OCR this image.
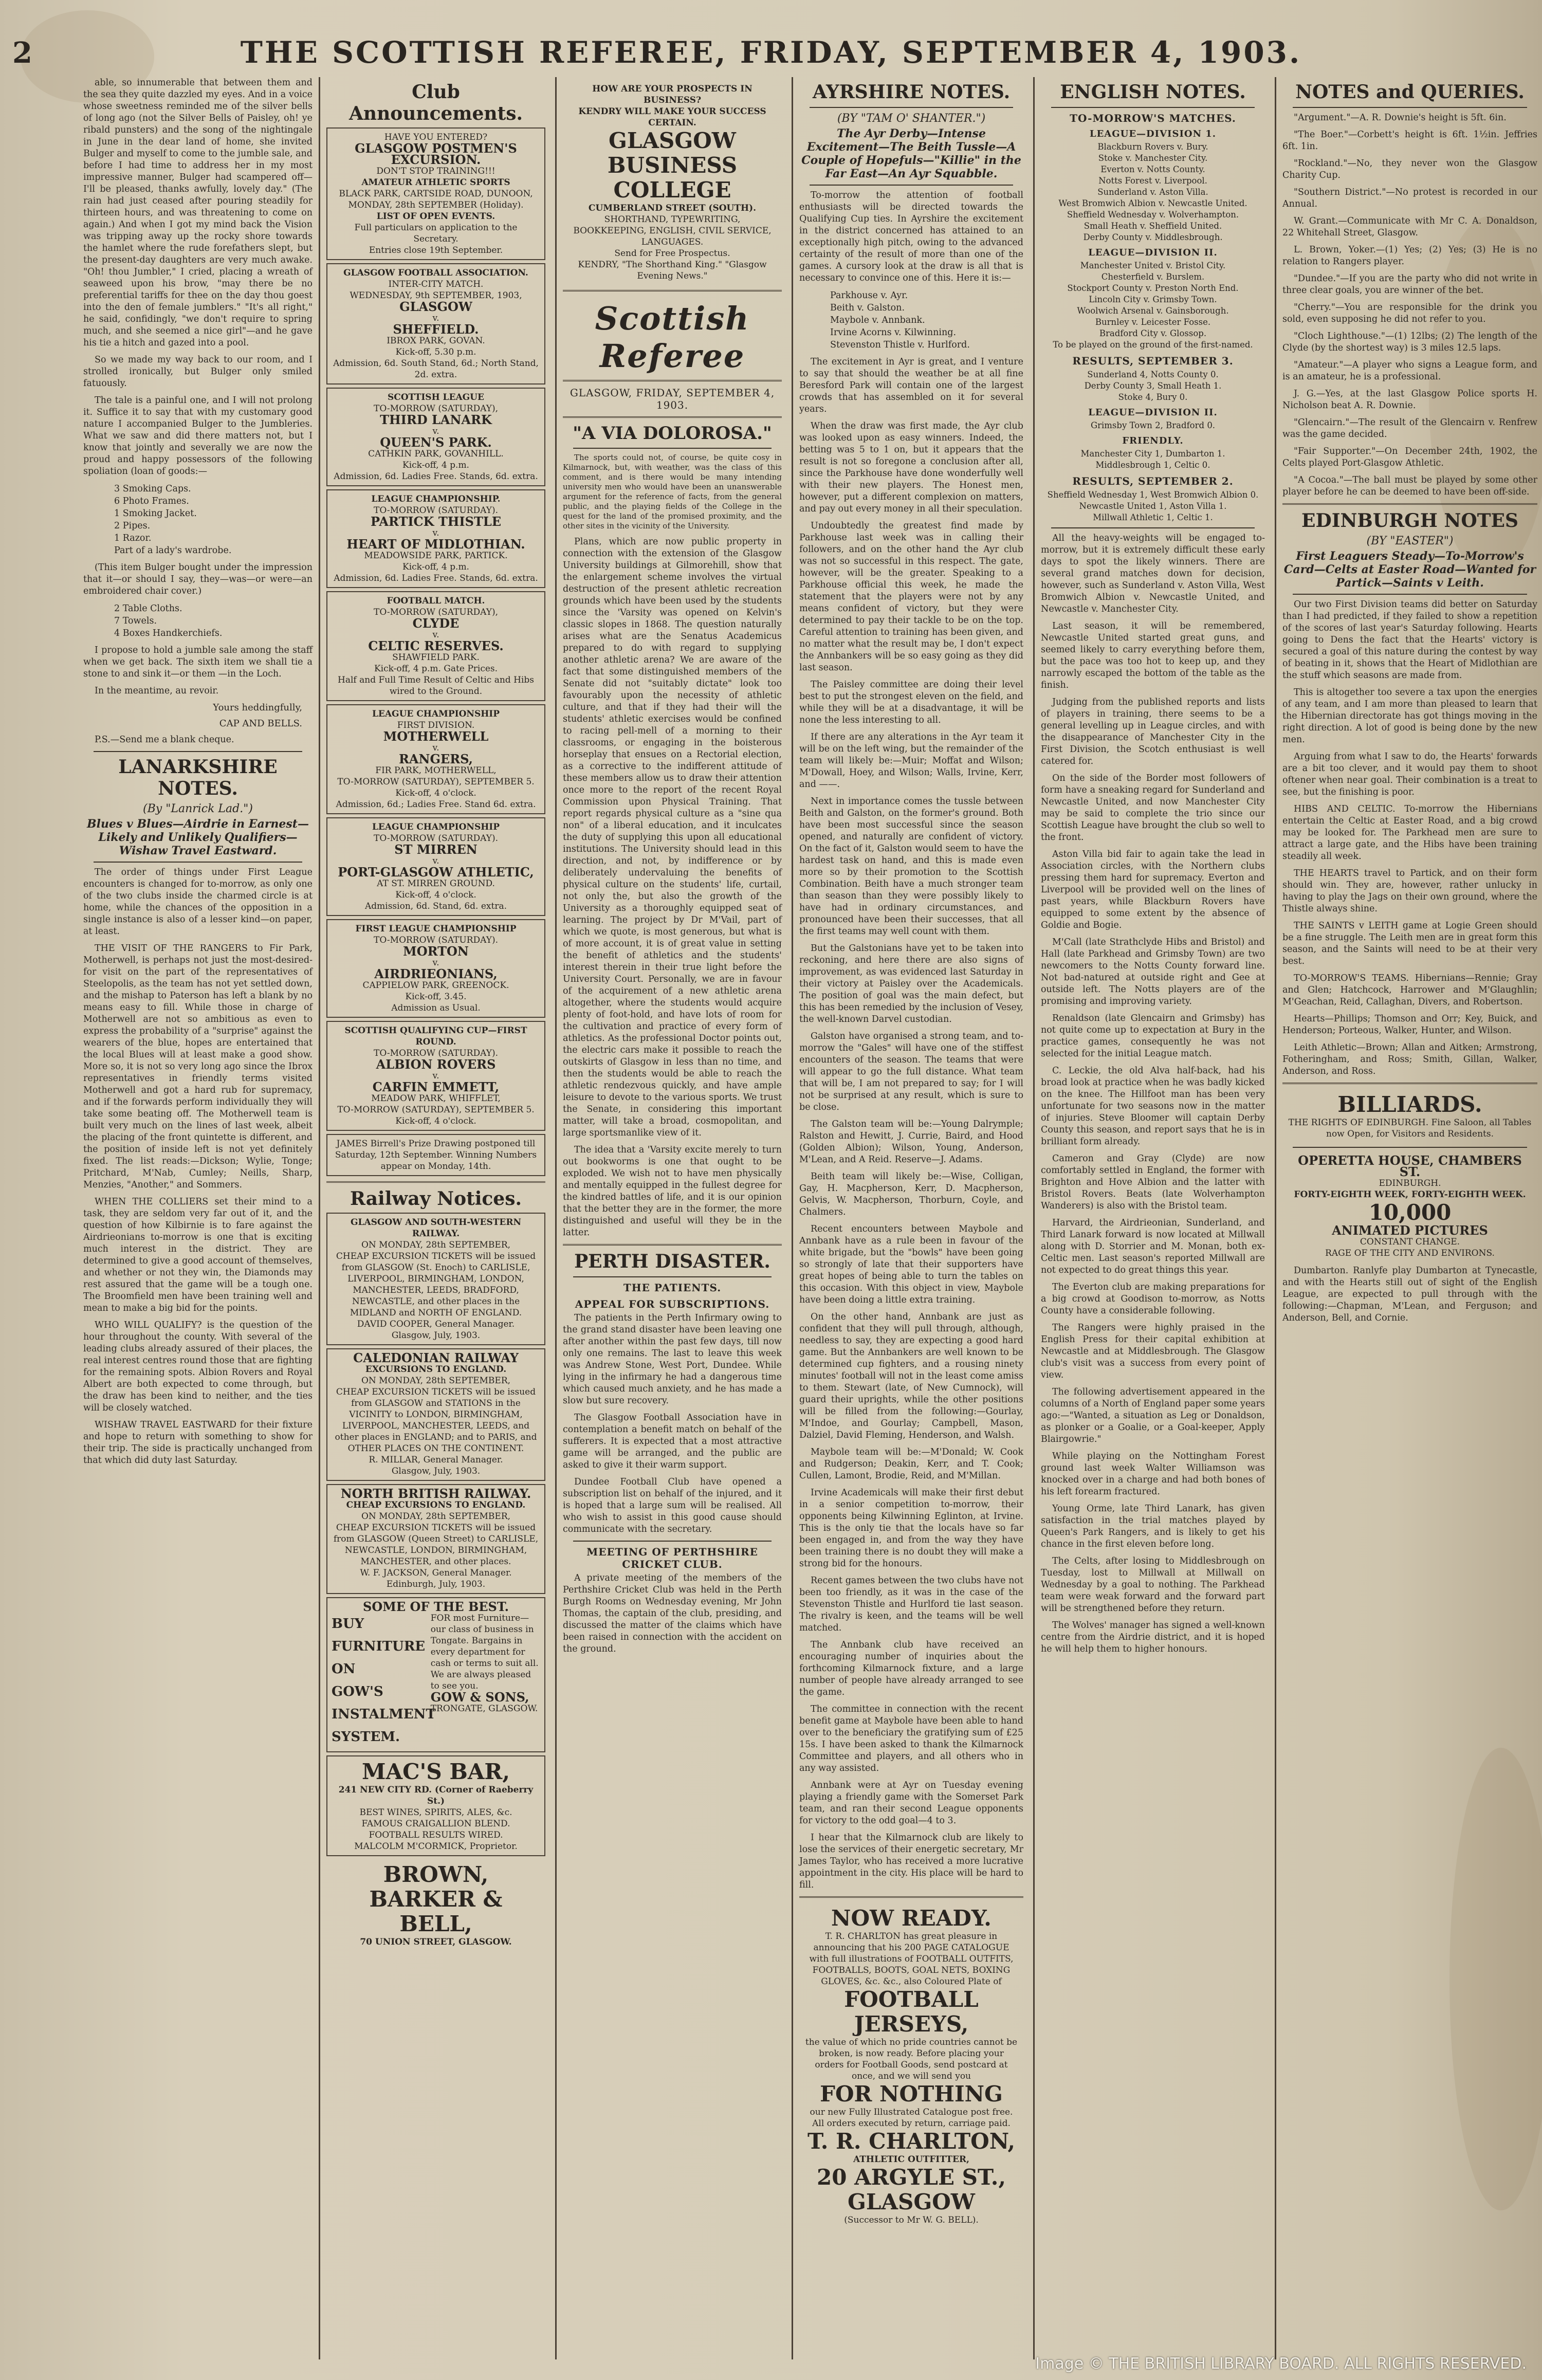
2	THE SCOTTISH REFEREE, FRIDAY, SEPTEMBER 4, 1903.

able, so innumerable that between them and the sea they quite dazzled my eyes. And in a voice whose sweetness reminded me of the silver bells of long ago (not the Silver Bells of Paisley, oh! ye ribald punsters) and the song of the nightingale in June in the dear land of home, she invited Bulger and myself to come to the jumble sale, and before I had time to address her in my most impressive manner, Bulger had scampered off—I'll be pleased, thanks awfully, lovely day." (The rain had just ceased after pouring steadily for thirteen hours, and was threatening to come on again.) And when I got my mind back the Vision was tripping away up the rocky shore towards the hamlet where the rude forefathers slept, but the present-day daughters are very much awake. "Oh! thou Jumbler," I cried, placing a wreath of seaweed upon his brow, "may there be no preferential tariffs for thee on the day thou goest into the den of female jumblers." "It's all right," he said, confidingly, "we don't require to spring much, and she seemed a nice girl"—and he gave his tie a hitch and gazed into a pool.

So we made my way back to our room, and I strolled ironically, but Bulger only smiled fatuously.

The tale is a painful one, and I will not prolong it. Suffice it to say that with my customary good nature I accompanied Bulger to the Jumbleries. What we saw and did there matters not, but I know that jointly and severally we are now the proud and happy possessors of the following spoliation (loan of goods:—

3 Smoking Caps.
6 Photo Frames.
1 Smoking Jacket.
2 Pipes.
1 Razor.
Part of a lady's wardrobe.

(This item Bulger bought under the impression that it—or should I say, they—was—or were—an embroidered chair cover.)

2 Table Cloths.
7 Towels.
4 Boxes Handkerchiefs.

I propose to hold a jumble sale among the staff when we get back. The sixth item we shall tie a stone to and sink it—or them —in the Loch.

In the meantime, au revoir.

Yours heddingfully,
CAP AND BELLS.

P.S.—Send me a blank cheque.

LANARKSHIRE NOTES.
(By "Lanrick Lad.")
Blues v Blues—Airdrie in Earnest—Likely and Unlikely Qualifiers—Wishaw Travel Eastward.

The order of things under First League encounters is changed for to-morrow, as only one of the two clubs inside the charmed circle is at home, while the chances of the opposition in a single instance is also of a lesser kind—on paper, at least.

THE VISIT OF THE RANGERS to Fir Park, Motherwell, is perhaps not just the most-desired-for visit on the part of the representatives of Steelopolis, as the team has not yet settled down, and the mishap to Paterson has left a blank by no means easy to fill. While those in charge of Motherwell are not so ambitious as even to express the probability of a "surprise" against the wearers of the blue, hopes are entertained that the local Blues will at least make a good show. More so, it is not so very long ago since the Ibrox representatives in friendly terms visited Motherwell and got a hard rub for supremacy, and if the forwards perform individually they will take some beating off. The Motherwell team is built very much on the lines of last week, albeit the placing of the front quintette is different, and the position of inside left is not yet definitely fixed. The list reads:—Dickson; Wylie, Tonge; Pritchard, M'Nab, Cumley; Neills, Sharp, Menzies, "Another," and Sommers.

WHEN THE COLLIERS set their mind to a task, they are seldom very far out of it, and the question of how Kilbirnie is to fare against the Airdrieonians to-morrow is one that is exciting much interest in the district. They are determined to give a good account of themselves, and whether or not they win, the Diamonds may rest assured that the game will be a tough one. The Broomfield men have been training well and mean to make a big bid for the points.

WHO WILL QUALIFY? is the question of the hour throughout the county. With several of the leading clubs already assured of their places, the real interest centres round those that are fighting for the remaining spots. Albion Rovers and Royal Albert are both expected to come through, but the draw has been kind to neither, and the ties will be closely watched.

WISHAW TRAVEL EASTWARD for their fixture and hope to return with something to show for their trip. The side is practically unchanged from that which did duty last Saturday.

Club Announcements.
HAVE YOU ENTERED?
GLASGOW POSTMEN'S EXCURSION.
DON'T STOP TRAINING!!!
AMATEUR ATHLETIC SPORTS
BLACK PARK, CARTSIDE ROAD, DUNOON,
MONDAY, 28th SEPTEMBER (Holiday).
LIST OF OPEN EVENTS.
Full particulars on application to the Secretary.
Entries close 19th September.
GLASGOW FOOTBALL ASSOCIATION.
INTER-CITY MATCH.
WEDNESDAY, 9th SEPTEMBER, 1903,
GLASGOW
v.
SHEFFIELD.
IBROX PARK, GOVAN.
Kick-off, 5.30 p.m.
Admission, 6d. South Stand, 6d.; North Stand, 2d. extra.
SCOTTISH LEAGUE
TO-MORROW (SATURDAY),
THIRD LANARK
v.
QUEEN'S PARK.
CATHKIN PARK, GOVANHILL.
Kick-off, 4 p.m.
Admission, 6d. Ladies Free. Stands, 6d. extra.
LEAGUE CHAMPIONSHIP.
TO-MORROW (SATURDAY).
PARTICK THISTLE
v.
HEART OF MIDLOTHIAN.
MEADOWSIDE PARK, PARTICK.
Kick-off, 4 p.m.
Admission, 6d. Ladies Free. Stands, 6d. extra.
FOOTBALL MATCH.
TO-MORROW (SATURDAY),
CLYDE
v.
CELTIC RESERVES.
SHAWFIELD PARK.
Kick-off, 4 p.m. Gate Prices.
Half and Full Time Result of Celtic and Hibs wired to the Ground.
LEAGUE CHAMPIONSHIP
FIRST DIVISION.
MOTHERWELL
v.
RANGERS,
FIR PARK, MOTHERWELL,
TO-MORROW (SATURDAY), SEPTEMBER 5.
Kick-off, 4 o'clock.
Admission, 6d.; Ladies Free. Stand 6d. extra.
LEAGUE CHAMPIONSHIP
TO-MORROW (SATURDAY).
ST MIRREN
v.
PORT-GLASGOW ATHLETIC,
AT ST. MIRREN GROUND.
Kick-off, 4 o'clock.
Admission, 6d. Stand, 6d. extra.
FIRST LEAGUE CHAMPIONSHIP
TO-MORROW (SATURDAY).
MORTON
v.
AIRDRIEONIANS,
CAPPIELOW PARK, GREENOCK.
Kick-off, 3.45.
Admission as Usual.
SCOTTISH QUALIFYING CUP—FIRST ROUND.
TO-MORROW (SATURDAY).
ALBION ROVERS
v.
CARFIN EMMETT,
MEADOW PARK, WHIFFLET,
TO-MORROW (SATURDAY), SEPTEMBER 5.
Kick-off, 4 o'clock.
JAMES Birrell's Prize Drawing postponed till Saturday, 12th September. Winning Numbers appear on Monday, 14th.
Railway Notices.
GLASGOW AND SOUTH-WESTERN RAILWAY.
ON MONDAY, 28th SEPTEMBER,
CHEAP EXCURSION TICKETS will be issued from GLASGOW (St. Enoch) to CARLISLE, LIVERPOOL, BIRMINGHAM, LONDON, MANCHESTER, LEEDS, BRADFORD, NEWCASTLE, and other places in the MIDLAND and NORTH OF ENGLAND.
DAVID COOPER, General Manager.
Glasgow, July, 1903.
CALEDONIAN RAILWAY
EXCURSIONS TO ENGLAND.
ON MONDAY, 28th SEPTEMBER,
CHEAP EXCURSION TICKETS will be issued from GLASGOW and STATIONS in the VICINITY to LONDON, BIRMINGHAM, LIVERPOOL, MANCHESTER, LEEDS, and other places in ENGLAND; and to PARIS, and OTHER PLACES ON THE CONTINENT.
R. MILLAR, General Manager.
Glasgow, July, 1903.
NORTH BRITISH RAILWAY.
CHEAP EXCURSIONS TO ENGLAND.
ON MONDAY, 28th SEPTEMBER,
CHEAP EXCURSION TICKETS will be issued from GLASGOW (Queen Street) to CARLISLE, NEWCASTLE, LONDON, BIRMINGHAM, MANCHESTER, and other places.
W. F. JACKSON, General Manager.
Edinburgh, July, 1903.
SOME OF THE BEST.
BUY
FURNITURE
ON
GOW'S
INSTALMENT
SYSTEM.
FOR most Furniture—our class of business in Tongate. Bargains in every department for cash or terms to suit all. We are always pleased to see you.
GOW & SONS,
TRONGATE, GLASGOW.
MAC'S BAR,
241 NEW CITY RD. (Corner of Raeberry St.)
BEST WINES, SPIRITS, ALES, &c.
FAMOUS CRAIGALLION BLEND.
FOOTBALL RESULTS WIRED.
MALCOLM M'CORMICK, Proprietor.
BROWN,
BARKER & BELL,
70 UNION STREET, GLASGOW.
HOW ARE YOUR PROSPECTS IN BUSINESS?
KENDRY WILL MAKE YOUR SUCCESS CERTAIN.
GLASGOW
BUSINESS COLLEGE
CUMBERLAND STREET (SOUTH).
SHORTHAND, TYPEWRITING, BOOKKEEPING, ENGLISH, CIVIL SERVICE, LANGUAGES.
Send for Free Prospectus.
KENDRY, "The Shorthand King." "Glasgow Evening News."
Scottish Referee
GLASGOW, FRIDAY, SEPTEMBER 4, 1903.
"A VIA DOLOROSA."

The sports could not, of course, be quite cosy in Kilmarnock, but, with weather, was the class of this comment, and is there would be many intending university men who would have been an unanswerable argument for the reference of facts, from the general public, and the playing fields of the College in the quest for the land of the promised proximity, and the other sites in the vicinity of the University.

Plans, which are now public property in connection with the extension of the Glasgow University buildings at Gilmorehill, show that the enlargement scheme involves the virtual destruction of the present athletic recreation grounds which have been used by the students since the 'Varsity was opened on Kelvin's classic slopes in 1868. The question naturally arises what are the Senatus Academicus prepared to do with regard to supplying another athletic arena? We are aware of the fact that some distinguished members of the Senate did not "suitably dictate" look too favourably upon the necessity of athletic culture, and that if they had their will the students' athletic exercises would be confined to racing pell-mell of a morning to their classrooms, or engaging in the boisterous horseplay that ensues on a Rectorial election, as a corrective to the indifferent attitude of these members allow us to draw their attention once more to the report of the recent Royal Commission upon Physical Training. That report regards physical culture as a "sine qua non" of a liberal education, and it inculcates the duty of supplying this upon all educational institutions. The University should lead in this direction, and not, by indifference or by deliberately undervaluing the benefits of physical culture on the students' life, curtail, not only the, but also the growth of the University as a thoroughly equipped seat of learning. The project by Dr M'Vail, part of which we quote, is most generous, but what is of more account, it is of great value in setting the benefit of athletics and the students' interest therein in their true light before the University Court. Personally, we are in favour of the acquirement of a new athletic arena altogether, where the students would acquire plenty of foot-hold, and have lots of room for the cultivation and practice of every form of athletics. As the professional Doctor points out, the electric cars make it possible to reach the outskirts of Glasgow in less than no time, and then the students would be able to reach the athletic rendezvous quickly, and have ample leisure to devote to the various sports. We trust the Senate, in considering this important matter, will take a broad, cosmopolitan, and large sportsmanlike view of it.

The idea that a 'Varsity excite merely to turn out bookworms is one that ought to be exploded. We wish not to have men physically and mentally equipped in the fullest degree for the kindred battles of life, and it is our opinion that the better they are in the former, the more distinguished and useful will they be in the latter.

PERTH DISASTER.
THE PATIENTS.
APPEAL FOR SUBSCRIPTIONS.

The patients in the Perth Infirmary owing to the grand stand disaster have been leaving one after another within the past few days, till now only one remains. The last to leave this week was Andrew Stone, West Port, Dundee. While lying in the infirmary he had a dangerous time which caused much anxiety, and he has made a slow but sure recovery.

The Glasgow Football Association have in contemplation a benefit match on behalf of the sufferers. It is expected that a most attractive game will be arranged, and the public are asked to give it their warm support.

Dundee Football Club have opened a subscription list on behalf of the injured, and it is hoped that a large sum will be realised. All who wish to assist in this good cause should communicate with the secretary.

MEETING OF PERTHSHIRE CRICKET CLUB.

A private meeting of the members of the Perthshire Cricket Club was held in the Perth Burgh Rooms on Wednesday evening, Mr John Thomas, the captain of the club, presiding, and discussed the matter of the claims which have been raised in connection with the accident on the ground.

AYRSHIRE NOTES.
(BY "TAM O' SHANTER.")
The Ayr Derby—Intense Excitement—The Beith Tussle—A Couple of Hopefuls—"Killie" in the Far East—An Ayr Squabble.

To-morrow the attention of football enthusiasts will be directed towards the Qualifying Cup ties. In Ayrshire the excitement in the district concerned has attained to an exceptionally high pitch, owing to the advanced certainty of the result of more than one of the games. A cursory look at the draw is all that is necessary to convince one of this. Here it is:—

Parkhouse v. Ayr.
Beith v. Galston.
Maybole v. Annbank.
Irvine Acorns v. Kilwinning.
Stevenston Thistle v. Hurlford.

The excitement in Ayr is great, and I venture to say that should the weather be at all fine Beresford Park will contain one of the largest crowds that has assembled on it for several years.

When the draw was first made, the Ayr club was looked upon as easy winners. Indeed, the betting was 5 to 1 on, but it appears that the result is not so foregone a conclusion after all, since the Parkhouse have done wonderfully well with their new players. The Honest men, however, put a different complexion on matters, and pay out every money in all their speculation.

Undoubtedly the greatest find made by Parkhouse last week was in calling their followers, and on the other hand the Ayr club was not so successful in this respect. The gate, however, will be the greater. Speaking to a Parkhouse official this week, he made the statement that the players were not by any means confident of victory, but they were determined to pay their tackle to be on the top. Careful attention to training has been given, and no matter what the result may be, I don't expect the Annbankers will be so easy going as they did last season.

The Paisley committee are doing their level best to put the strongest eleven on the field, and while they will be at a disadvantage, it will be none the less interesting to all.

If there are any alterations in the Ayr team it will be on the left wing, but the remainder of the team will likely be:—Muir; Moffat and Wilson; M'Dowall, Hoey, and Wilson; Walls, Irvine, Kerr, and ——.

Next in importance comes the tussle between Beith and Galston, on the former's ground. Both have been most successful since the season opened, and naturally are confident of victory. On the fact of it, Galston would seem to have the hardest task on hand, and this is made even more so by their promotion to the Scottish Combination. Beith have a much stronger team than season than they were possibly likely to have had in ordinary circumstances, and pronounced have been their successes, that all the first teams may well count with them.

But the Galstonians have yet to be taken into reckoning, and here there are also signs of improvement, as was evidenced last Saturday in their victory at Paisley over the Academicals. The position of goal was the main defect, but this has been remedied by the inclusion of Vesey, the well-known Darvel custodian.

Galston have organised a strong team, and to-morrow the "Gales" will have one of the stiffest encounters of the season. The teams that were will appear to go the full distance. What team that will be, I am not prepared to say; for I will not be surprised at any result, which is sure to be close.

The Galston team will be:—Young Dalrymple; Ralston and Hewitt, J. Currie, Baird, and Hood (Golden Albion); Wilson, Young, Anderson, M'Lean, and A Reid. Reserve—J. Adams.

Beith team will likely be:—Wise, Colligan, Gay, H. Macpherson, Kerr, D. Macpherson, Gelvis, W. Macpherson, Thorburn, Coyle, and Chalmers.

Recent encounters between Maybole and Annbank have as a rule been in favour of the white brigade, but the "bowls" have been going so strongly of late that their supporters have great hopes of being able to turn the tables on this occasion. With this object in view, Maybole have been doing a little extra training.

On the other hand, Annbank are just as confident that they will pull through, although, needless to say, they are expecting a good hard game. But the Annbankers are well known to be determined cup fighters, and a rousing ninety minutes' football will not in the least come amiss to them. Stewart (late, of New Cumnock), will guard their uprights, while the other positions will be filled from the following:—Gourlay, M'Indoe, and Gourlay; Campbell, Mason, Dalziel, David Fleming, Henderson, and Walsh.

Maybole team will be:—M'Donald; W. Cook and Rudgerson; Deakin, Kerr, and T. Cook; Cullen, Lamont, Brodie, Reid, and M'Millan.

Irvine Academicals will make their first debut in a senior competition to-morrow, their opponents being Kilwinning Eglinton, at Irvine. This is the only tie that the locals have so far been engaged in, and from the way they have been training there is no doubt they will make a strong bid for the honours.

Recent games between the two clubs have not been too friendly, as it was in the case of the Stevenston Thistle and Hurlford tie last season. The rivalry is keen, and the teams will be well matched.

The Annbank club have received an encouraging number of inquiries about the forthcoming Kilmarnock fixture, and a large number of people have already arranged to see the game.

The committee in connection with the recent benefit game at Maybole have been able to hand over to the beneficiary the gratifying sum of £25 15s. I have been asked to thank the Kilmarnock Committee and players, and all others who in any way assisted.

Annbank were at Ayr on Tuesday evening playing a friendly game with the Somerset Park team, and ran their second League opponents for victory to the odd goal—4 to 3.

I hear that the Kilmarnock club are likely to lose the services of their energetic secretary, Mr James Taylor, who has received a more lucrative appointment in the city. His place will be hard to fill.

NOW READY.
T. R. CHARLTON has great pleasure in announcing that his 200 PAGE CATALOGUE with full illustrations of FOOTBALL OUTFITS, FOOTBALLS, BOOTS, GOAL NETS, BOXING GLOVES, &c. &c., also Coloured Plate of
FOOTBALL JERSEYS,
the value of which no pride countries cannot be broken, is now ready. Before placing your orders for Football Goods, send postcard at once, and we will send you
FOR NOTHING
our new Fully Illustrated Catalogue post free. All orders executed by return, carriage paid.
T. R. CHARLTON,
ATHLETIC OUTFITTER,
20 ARGYLE ST., GLASGOW
(Successor to Mr W. G. BELL).
ENGLISH NOTES.
TO-MORROW'S MATCHES.
LEAGUE—DIVISION 1.

Blackburn Rovers v. Bury.

Stoke v. Manchester City.

Everton v. Notts County.

Notts Forest v. Liverpool.

Sunderland v. Aston Villa.

West Bromwich Albion v. Newcastle United.

Sheffield Wednesday v. Wolverhampton.

Small Heath v. Sheffield United.

Derby County v. Middlesbrough.

LEAGUE—DIVISION II.

Manchester United v. Bristol City.

Chesterfield v. Burslem.

Stockport County v. Preston North End.

Lincoln City v. Grimsby Town.

Woolwich Arsenal v. Gainsborough.

Burnley v. Leicester Fosse.

Bradford City v. Glossop.

To be played on the ground of the first-named.

RESULTS, SEPTEMBER 3.

Sunderland 4, Notts County 0.

Derby County 3, Small Heath 1.

Stoke 4, Bury 0.

LEAGUE—DIVISION II.

Grimsby Town 2, Bradford 0.

FRIENDLY.

Manchester City 1, Dumbarton 1.

Middlesbrough 1, Celtic 0.

RESULTS, SEPTEMBER 2.

Sheffield Wednesday 1, West Bromwich Albion 0.

Newcastle United 1, Aston Villa 1.

Millwall Athletic 1, Celtic 1.

All the heavy-weights will be engaged to-morrow, but it is extremely difficult these early days to spot the likely winners. There are several grand matches down for decision, however, such as Sunderland v. Aston Villa, West Bromwich Albion v. Newcastle United, and Newcastle v. Manchester City.

Last season, it will be remembered, Newcastle United started great guns, and seemed likely to carry everything before them, but the pace was too hot to keep up, and they narrowly escaped the bottom of the table as the finish.

Judging from the published reports and lists of players in training, there seems to be a general levelling up in League circles, and with the disappearance of Manchester City in the First Division, the Scotch enthusiast is well catered for.

On the side of the Border most followers of form have a sneaking regard for Sunderland and Newcastle United, and now Manchester City may be said to complete the trio since our Scottish League have brought the club so well to the front.

Aston Villa bid fair to again take the lead in Association circles, with the Northern clubs pressing them hard for supremacy. Everton and Liverpool will be provided well on the lines of past years, while Blackburn Rovers have equipped to some extent by the absence of Goldie and Bogie.

M'Call (late Strathclyde Hibs and Bristol) and Hall (late Parkhead and Grimsby Town) are two newcomers to the Notts County forward line. Not bad-natured at outside right and Gee at outside left. The Notts players are of the promising and improving variety.

Renaldson (late Glencairn and Grimsby) has not quite come up to expectation at Bury in the practice games, consequently he was not selected for the initial League match.

C. Leckie, the old Alva half-back, had his broad look at practice when he was badly kicked on the knee. The Hillfoot man has been very unfortunate for two seasons now in the matter of injuries. Steve Bloomer will captain Derby County this season, and report says that he is in brilliant form already.

Cameron and Gray (Clyde) are now comfortably settled in England, the former with Brighton and Hove Albion and the latter with Bristol Rovers. Beats (late Wolverhampton Wanderers) is also with the Bristol team.

Harvard, the Airdrieonian, Sunderland, and Third Lanark forward is now located at Millwall along with D. Storrier and M. Monan, both ex-Celtic men. Last season's reported Millwall are not expected to do great things this year.

The Everton club are making preparations for a big crowd at Goodison to-morrow, as Notts County have a considerable following.

The Rangers were highly praised in the English Press for their capital exhibition at Newcastle and at Middlesbrough. The Glasgow club's visit was a success from every point of view.

The following advertisement appeared in the columns of a North of England paper some years ago:—"Wanted, a situation as Leg or Donaldson, as plonker or a Goalie, or a Goal-keeper, Apply Blairgowrie."

While playing on the Nottingham Forest ground last week Walter Williamson was knocked over in a charge and had both bones of his left forearm fractured.

Young Orme, late Third Lanark, has given satisfaction in the trial matches played by Queen's Park Rangers, and is likely to get his chance in the first eleven before long.

The Celts, after losing to Middlesbrough on Tuesday, lost to Millwall at Millwall on Wednesday by a goal to nothing. The Parkhead team were weak forward and the forward part will be strengthened before they return.

The Wolves' manager has signed a well-known centre from the Airdrie district, and it is hoped he will help them to higher honours.

NOTES and QUERIES.

"Argument."—A. R. Downie's height is 5ft. 6in.

"The Boer."—Corbett's height is 6ft. 1½in. Jeffries 6ft. 1in.

"Rockland."—No, they never won the Glasgow Charity Cup.

"Southern District."—No protest is recorded in our Annual.

W. Grant.—Communicate with Mr C. A. Donaldson, 22 Whitehall Street, Glasgow.

L. Brown, Yoker.—(1) Yes; (2) Yes; (3) He is no relation to Rangers player.

"Dundee."—If you are the party who did not write in three clear goals, you are winner of the bet.

"Cherry."—You are responsible for the drink you sold, even supposing he did not refer to you.

"Cloch Lighthouse."—(1) 12lbs; (2) The length of the Clyde (by the shortest way) is 3 miles 12.5 laps.

"Amateur."—A player who signs a League form, and is an amateur, he is a professional.

J. G.—Yes, at the last Glasgow Police sports H. Nicholson beat A. R. Downie.

"Glencairn."—The result of the Glencairn v. Renfrew was the game decided.

"Fair Supporter."—On December 24th, 1902, the Celts played Port-Glasgow Athletic.

"A Cocoa."—The ball must be played by some other player before he can be deemed to have been off-side.

EDINBURGH NOTES
(BY "EASTER")
First Leaguers Steady—To-Morrow's Card—Celts at Easter Road—Wanted for Partick—Saints v Leith.

Our two First Division teams did better on Saturday than I had predicted, if they failed to show a repetition of the scores of last year's Saturday following. Hearts going to Dens the fact that the Hearts' victory is secured a goal of this nature during the contest by way of beating in it, shows that the Heart of Midlothian are the stuff which seasons are made from.

This is altogether too severe a tax upon the energies of any team, and I am more than pleased to learn that the Hibernian directorate has got things moving in the right direction. A lot of good is being done by the new men.

Arguing from what I saw to do, the Hearts' forwards are a bit too clever, and it would pay them to shoot oftener when near goal. Their combination is a treat to see, but the finishing is poor.

HIBS AND CELTIC. To-morrow the Hibernians entertain the Celtic at Easter Road, and a big crowd may be looked for. The Parkhead men are sure to attract a large gate, and the Hibs have been training steadily all week.

THE HEARTS travel to Partick, and on their form should win. They are, however, rather unlucky in having to play the Jags on their own ground, where the Thistle always shine.

THE SAINTS v LEITH game at Logie Green should be a fine struggle. The Leith men are in great form this season, and the Saints will need to be at their very best.

TO-MORROW'S TEAMS. Hibernians—Rennie; Gray and Glen; Hatchcock, Harrower and M'Glaughlin; M'Geachan, Reid, Callaghan, Divers, and Robertson.

Hearts—Phillips; Thomson and Orr; Key, Buick, and Henderson; Porteous, Walker, Hunter, and Wilson.

Leith Athletic—Brown; Allan and Aitken; Armstrong, Fotheringham, and Ross; Smith, Gillan, Walker, Anderson, and Ross.

BILLIARDS.
THE RIGHTS OF EDINBURGH. Fine Saloon, all Tables now Open, for Visitors and Residents.
OPERETTA HOUSE, CHAMBERS ST.
EDINBURGH.
FORTY-EIGHTH WEEK, FORTY-EIGHTH WEEK.
10,000
ANIMATED PICTURES
CONSTANT CHANGE.
RAGE OF THE CITY AND ENVIRONS.

Dumbarton. Ranlyfe play Dumbarton at Tynecastle, and with the Hearts still out of sight of the English League, are expected to pull through with the following:—Chapman, M'Lean, and Ferguson; and Anderson, Bell, and Cornie.

Image © THE BRITISH LIBRARY BOARD. ALL RIGHTS RESERVED.
